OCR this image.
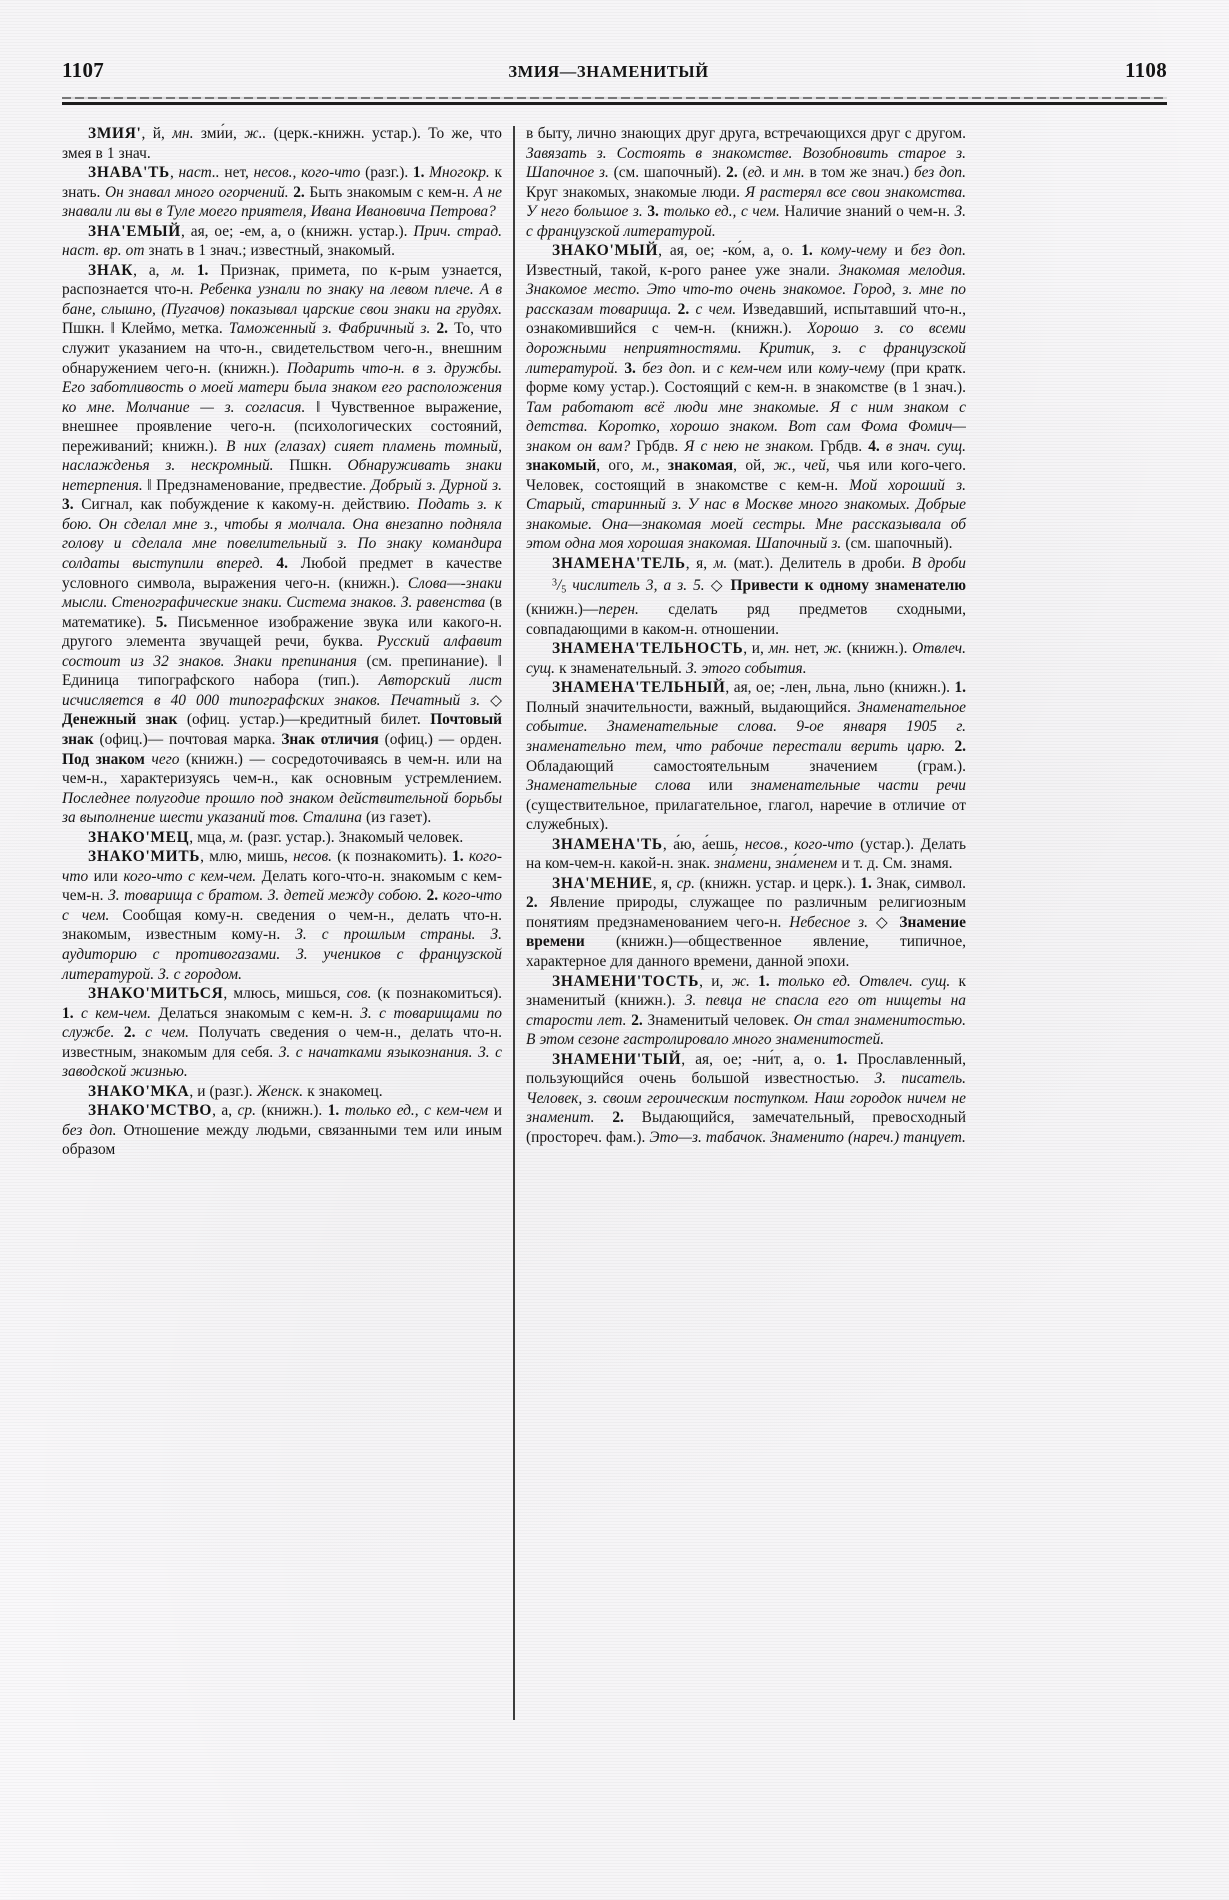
1107	ЗМИЯ—ЗНАМЕНИТЫЙ	1108

ЗМИЯ', й, мн. зми́и, ж.. (церк.-книжн. устар.). То же, что змея в 1 знач.

ЗНАВА'ТЬ, наст.. нет, несов., кого-что (разг.). 1. Многокр. к знать. Он знавал много огорчений. 2. Быть знакомым с кем-н. А не знавали ли вы в Туле моего приятеля, Ивана Ивановича Петрова?

ЗНА'ЕМЫЙ, ая, ое; -ем, а, о (книжн. устар.). Прич. страд. наст. вр. от знать в 1 знач.; известный, знакомый.

ЗНАК, а, м. 1. Признак, примета, по к-рым узнается, распознается что-н. Ребенка узнали по знаку на левом плече. А в бане, слышно, (Пугачов) показывал царские свои знаки на грудях. Пшкн. ‖ Клеймо, метка. Таможенный з. Фабричный з. 2. То, что служит указанием на что-н., свидетельством чего-н., внешним обнаружением чего-н. (книжн.). Подарить что-н. в з. дружбы. Его заботливость о моей матери была знаком его расположения ко мне. Молчание — з. согласия. ‖ Чувственное выражение, внешнее проявление чего-н. (психологических состояний, переживаний; книжн.). В них (глазах) сияет пламень томный, наслажденья з. нескромный. Пшкн. Обнаруживать знаки нетерпения. ‖ Предзнаменование, предвестие. Добрый з. Дурной з. 3. Сигнал, как побуждение к какому-н. действию. Подать з. к бою. Он сделал мне з., чтобы я молчала. Она внезапно подняла голову и сделала мне повелительный з. По знаку командира солдаты выступили вперед. 4. Любой предмет в качестве условного символа, выражения чего-н. (книжн.). Слова—-знаки мысли. Стенографические знаки. Система знаков. З. равенства (в математике). 5. Письменное изображение звука или какого-н. другого элемента звучащей речи, буква. Русский алфавит состоит из 32 знаков. Знаки препинания (см. препинание). ‖ Единица типографского набора (тип.). Авторский лист исчисляется в 40 000 типографских знаков. Печатный з. ◇ Денежный знак (офиц. устар.)—кредитный билет. Почтовый знак (офиц.)— почтовая марка. Знак отличия (офиц.) — орден. Под знаком чего (книжн.) — сосредоточиваясь в чем-н. или на чем-н., характеризуясь чем-н., как основным устремлением. Последнее полугодие прошло под знаком действительной борьбы за выполнение шести указаний тов. Сталина (из газет).

ЗНАКО'МЕЦ, мца, м. (разг. устар.). Знакомый человек.

ЗНАКО'МИТЬ, млю, мишь, несов. (к познакомить). 1. кого-что или кого-что с кем-чем. Делать кого-что-н. знакомым с кем-чем-н. З. товарища с братом. З. детей между собою. 2. кого-что с чем. Сообщая кому-н. сведения о чем-н., делать что-н. знакомым, известным кому-н. З. с прошлым страны. З. аудиторию с противогазами. З. учеников с французской литературой. З. с городом.

ЗНАКО'МИТЬСЯ, млюсь, мишься, сов. (к познакомиться). 1. с кем-чем. Делаться знакомым с кем-н. З. с товарищами по службе. 2. с чем. Получать сведения о чем-н., делать что-н. известным, знакомым для себя. З. с начатками языкознания. З. с заводской жизнью.

ЗНАКО'МКА, и (разг.). Женск. к знакомец.

ЗНАКО'МСТВО, а, ср. (книжн.). 1. только ед., с кем-чем и без доп. Отношение между людьми, связанными тем или иным образом

в быту, лично знающих друг друга, встречающихся друг с другом. Завязать з. Состоять в знакомстве. Возобновить старое з. Шапочное з. (см. шапочный). 2. (ед. и мн. в том же знач.) без доп. Круг знакомых, знакомые люди. Я растерял все свои знакомства. У него большое з. 3. только ед., с чем. Наличие знаний о чем-н. З. с французской литературой.

ЗНАКО'МЫЙ, ая, ое; -ко́м, а, о. 1. кому-чему и без доп. Известный, такой, к-рого ранее уже знали. Знакомая мелодия. Знакомое место. Это что-то очень знакомое. Город, з. мне по рассказам товарища. 2. с чем. Изведавший, испытавший что-н., ознакомившийся с чем-н. (книжн.). Хорошо з. со всеми дорожными неприятностями. Критик, з. с французской литературой. 3. без доп. и с кем-чем или кому-чему (при кратк. форме кому устар.). Состоящий с кем-н. в знакомстве (в 1 знач.). Там работают всё люди мне знакомые. Я с ним знаком с детства. Коротко, хорошо знаком. Вот сам Фома Фомич—знаком он вам? Грбдв. Я с нею не знаком. Грбдв. 4. в знач. сущ. знакомый, ого, м., знакомая, ой, ж., чей, чья или кого-чего. Человек, состоящий в знакомстве с кем-н. Мой хороший з. Старый, старинный з. У нас в Москве много знакомых. Добрые знакомые. Она—знакомая моей сестры. Мне рассказывала об этом одна моя хорошая знакомая. Шапочный з. (см. шапочный).

ЗНАМЕНА'ТЕЛЬ, я, м. (мат.). Делитель в дроби. В дроби $^3/_5$ числитель 3, а з. 5. ◇ Привести к одному знаменателю (книжн.)—перен. сделать ряд предметов сходными, совпадающими в каком-н. отношении.

ЗНАМЕНА'ТЕЛЬНОСТЬ, и, мн. нет, ж. (книжн.). Отвлеч. сущ. к знаменательный. З. этого события.

ЗНАМЕНА'ТЕЛЬНЫЙ, ая, ое; -лен, льна, льно (книжн.). 1. Полный значительности, важный, выдающийся. Знаменательное событие. Знаменательные слова. 9-ое января 1905 г. знаменательно тем, что рабочие перестали верить царю. 2. Обладающий самостоятельным значением (грам.). Знаменательные слова или знаменательные части речи (существительное, прилагательное, глагол, наречие в отличие от служебных).

ЗНАМЕНА'ТЬ, а́ю, а́ешь, несов., кого-что (устар.). Делать на ком-чем-н. какой-н. знак. зна́мени, зна́менем и т. д. См. знамя.

ЗНА'МЕНИЕ, я, ср. (книжн. устар. и церк.). 1. Знак, символ. 2. Явление природы, служащее по различным религиозным понятиям предзнаменованием чего-н. Небесное з. ◇ Знамение времени (книжн.)—общественное явление, типичное, характерное для данного времени, данной эпохи.

ЗНАМЕНИ'ТОСТЬ, и, ж. 1. только ед. Отвлеч. сущ. к знаменитый (книжн.). З. певца не спасла его от нищеты на старости лет. 2. Знаменитый человек. Он стал знаменитостью. В этом сезоне гастролировало много знаменитостей.

ЗНАМЕНИ'ТЫЙ, ая, ое; -ни́т, а, о. 1. Прославленный, пользующийся очень большой известностью. З. писатель. Человек, з. своим героическим поступком. Наш городок ничем не знаменит. 2. Выдающийся, замечательный, превосходный (простореч. фам.). Это—з. табачок. Знаменито (нареч.) танцует.
